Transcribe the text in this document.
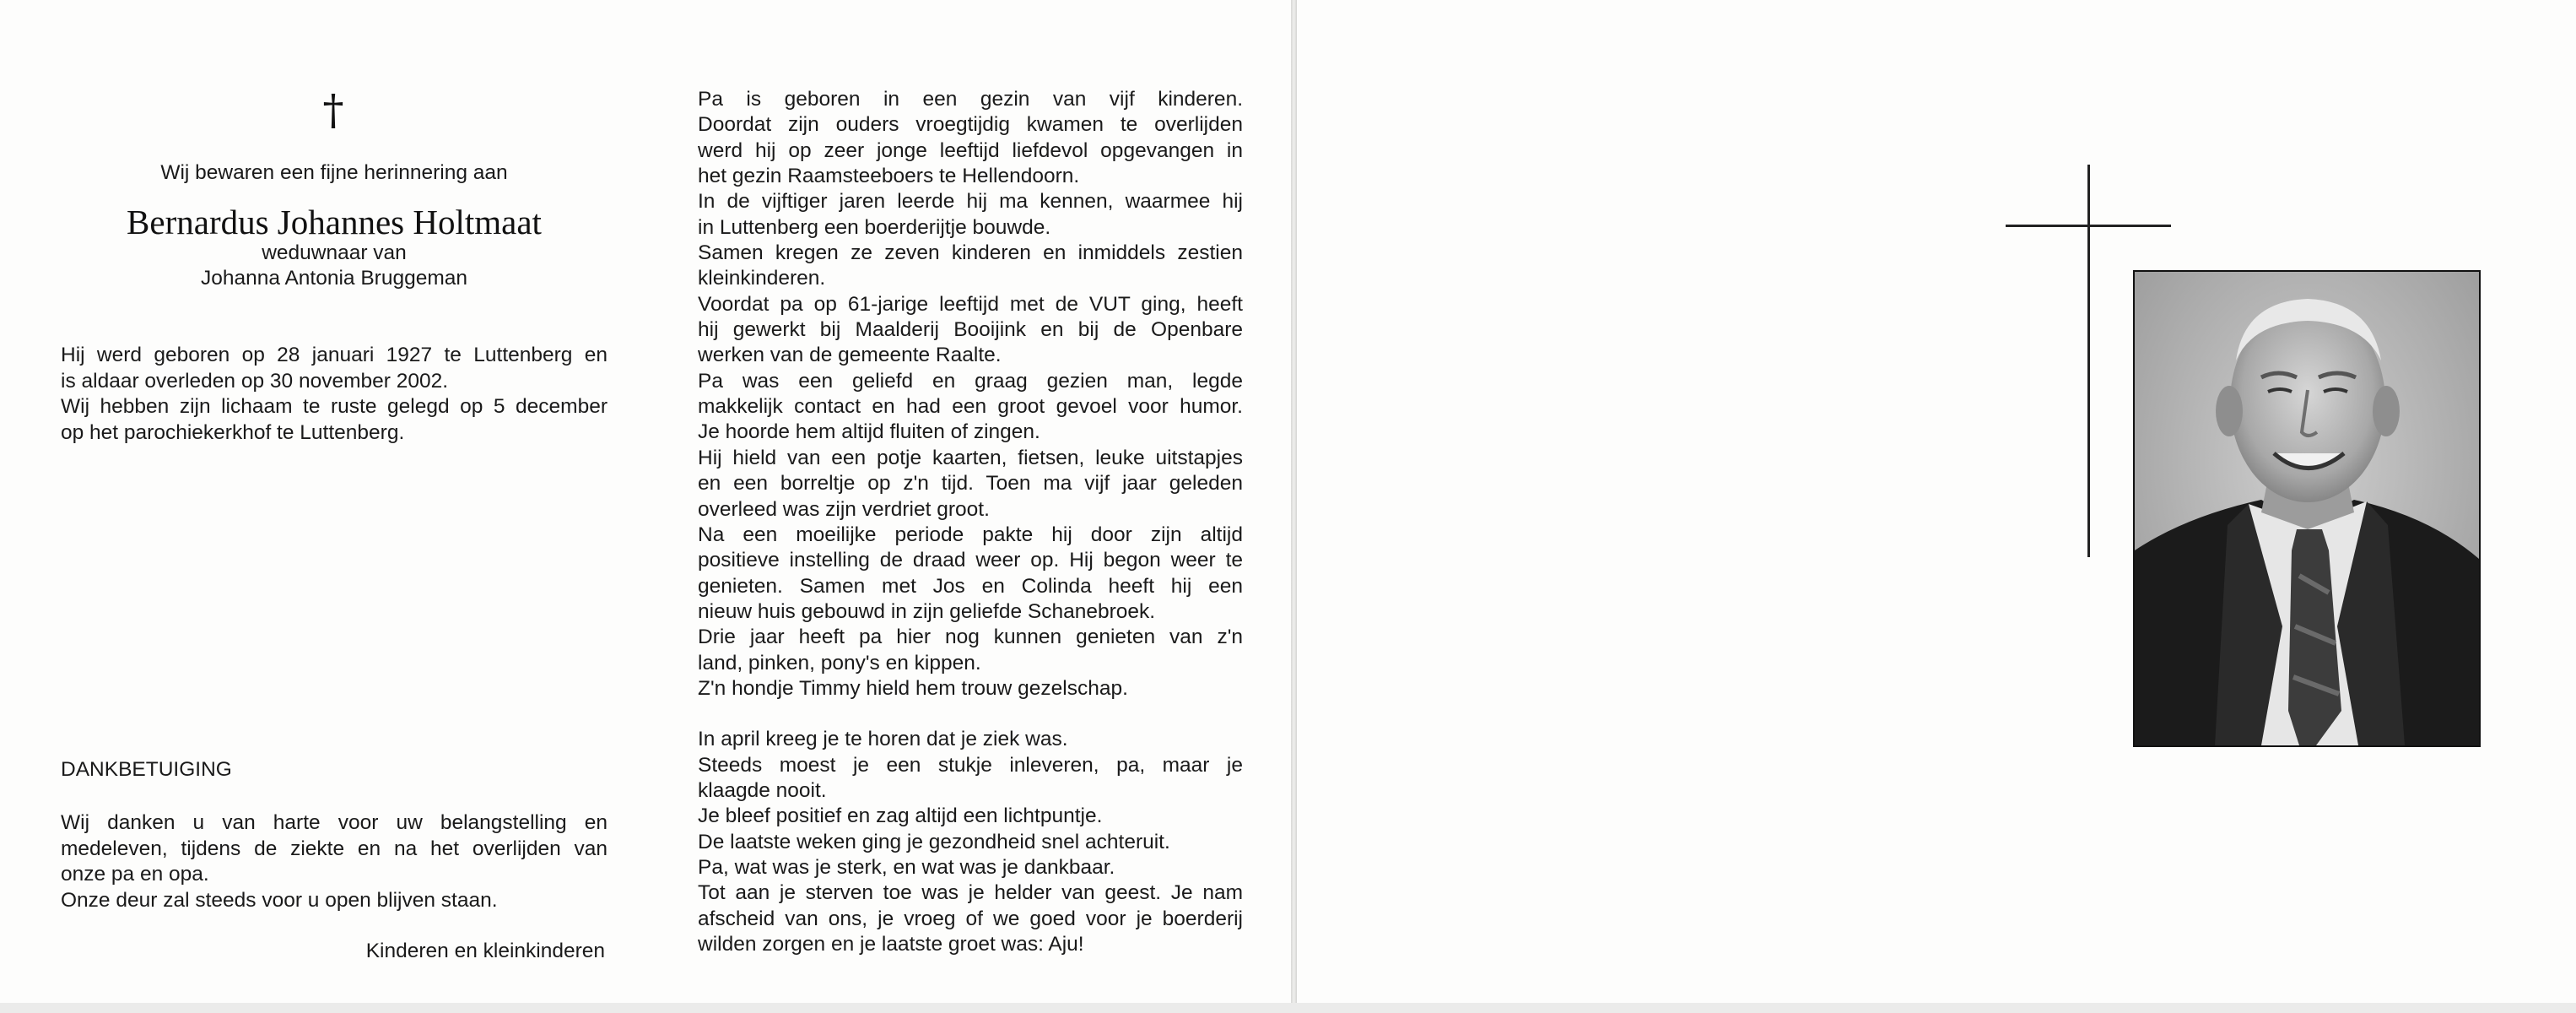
†
Wij bewaren een fijne herinnering aan
Bernardus Johannes Holtmaat
weduwnaar van
Johanna Antonia Bruggeman
Hij werd geboren op 28 januari 1927 te Luttenberg en
is aldaar overleden op 30 november 2002.
Wij hebben zijn lichaam te ruste gelegd op 5 december
op het parochiekerkhof te Luttenberg.
DANKBETUIGING
Wij danken u van harte voor uw belangstelling en
medeleven, tijdens de ziekte en na het overlijden van
onze pa en opa.
Onze deur zal steeds voor u open blijven staan.
Kinderen en kleinkinderen
Pa is geboren in een gezin van vijf kinderen.
Doordat zijn ouders vroegtijdig kwamen te overlijden
werd hij op zeer jonge leeftijd liefdevol opgevangen in
het gezin Raamsteeboers te Hellendoorn.
In de vijftiger jaren leerde hij ma kennen, waarmee hij
in Luttenberg een boerderijtje bouwde.
Samen kregen ze zeven kinderen en inmiddels zestien
kleinkinderen.
Voordat pa op 61-jarige leeftijd met de VUT ging, heeft
hij gewerkt bij Maalderij Booijink en bij de Openbare
werken van de gemeente Raalte.
Pa was een geliefd en graag gezien man, legde
makkelijk contact en had een groot gevoel voor humor.
Je hoorde hem altijd fluiten of zingen.
Hij hield van een potje kaarten, fietsen, leuke uitstapjes
en een borreltje op z'n tijd. Toen ma vijf jaar geleden
overleed was zijn verdriet groot.
Na een moeilijke periode pakte hij door zijn altijd
positieve instelling de draad weer op. Hij begon weer te
genieten. Samen met Jos en Colinda heeft hij een
nieuw huis gebouwd in zijn geliefde Schanebroek.
Drie jaar heeft pa hier nog kunnen genieten van z'n
land, pinken, pony's en kippen.
Z'n hondje Timmy hield hem trouw gezelschap.
In april kreeg je te horen dat je ziek was.
Steeds moest je een stukje inleveren, pa, maar je
klaagde nooit.
Je bleef positief en zag altijd een lichtpuntje.
De laatste weken ging je gezondheid snel achteruit.
Pa, wat was je sterk, en wat was je dankbaar.
Tot aan je sterven toe was je helder van geest. Je nam
afscheid van ons, je vroeg of we goed voor je boerderij
wilden zorgen en je laatste groet was: Aju!
